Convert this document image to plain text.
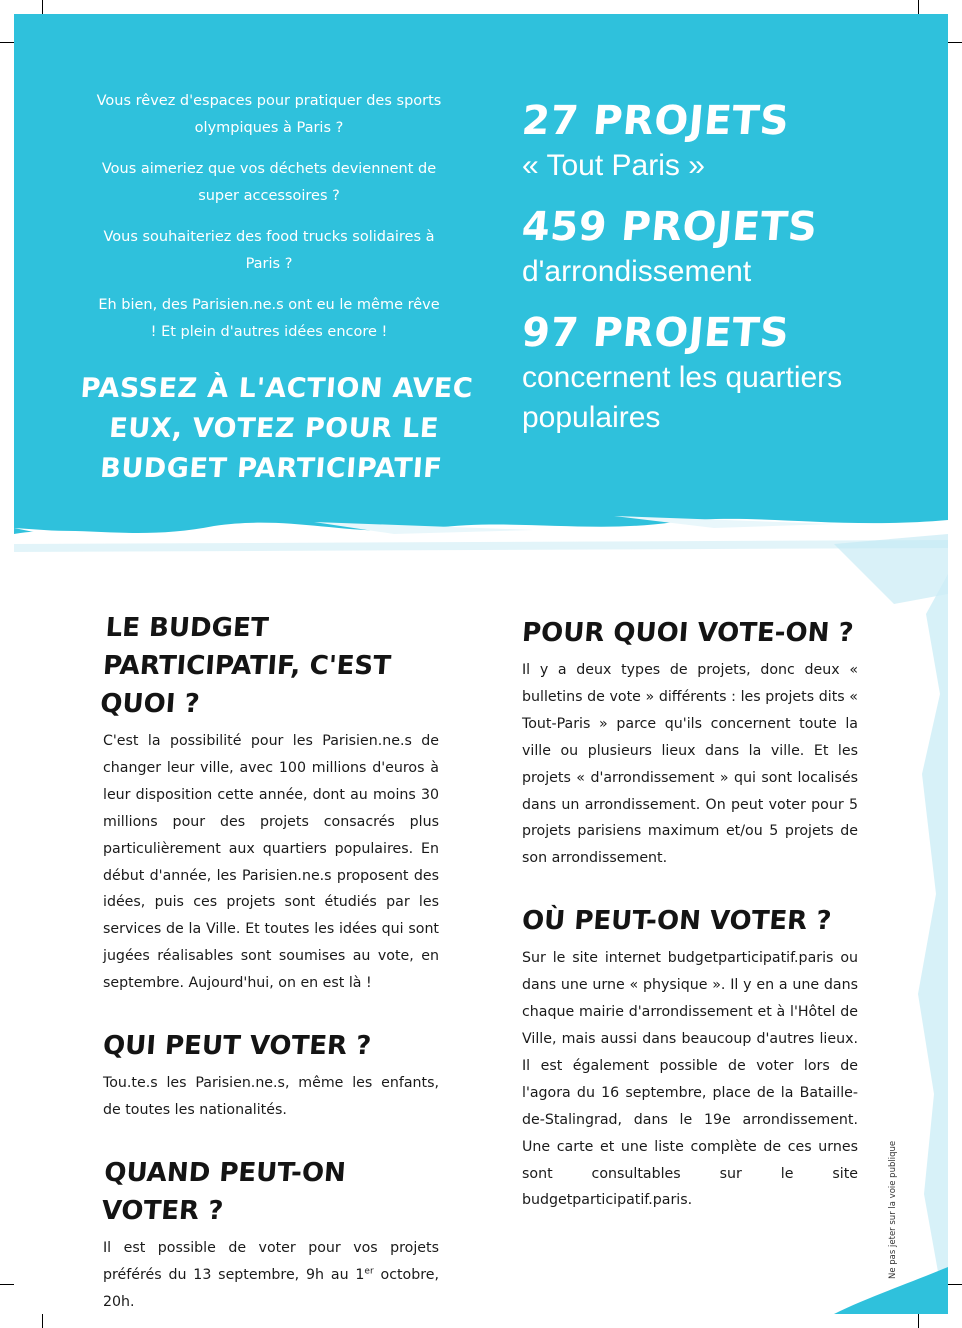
Vous rêvez d'espaces pour pratiquer des sports olympiques à Paris ?

Vous aimeriez que vos déchets deviennent de super accessoires ?

Vous souhaiteriez des food trucks solidaires à Paris ?

Eh bien, des Parisien.ne.s ont eu le même rêve ! Et plein d'autres idées encore !

PASSEZ À L'ACTION AVEC EUX, VOTEZ POUR LE BUDGET PARTICIPATIF
27 PROJETS
« Tout Paris »
459 PROJETS
d'arrondissement
97 PROJETS
concernent les quartiers populaires
LE BUDGET PARTICIPATIF, C'EST QUOI ?

C'est la possibilité pour les Parisien.ne.s de changer leur ville, avec 100 millions d'euros à leur disposition cette année, dont au moins 30 millions pour des projets consacrés plus particulièrement aux quartiers populaires. En début d'année, les Parisien.ne.s proposent des idées, puis ces projets sont étudiés par les services de la Ville. Et toutes les idées qui sont jugées réalisables sont soumises au vote, en septembre. Aujourd'hui, on en est là !

QUI PEUT VOTER ?

Tou.te.s les Parisien.ne.s, même les enfants, de toutes les nationalités.

QUAND PEUT-ON VOTER ?

Il est possible de voter pour vos projets préférés du 13 septembre, 9h au 1er octobre, 20h.

POUR QUOI VOTE-ON ?

Il y a deux types de projets, donc deux « bulletins de vote » différents : les projets dits « Tout-Paris » parce qu'ils concernent toute la ville ou plusieurs lieux dans la ville. Et les projets « d'arrondissement » qui sont localisés dans un arrondissement. On peut voter pour 5 projets parisiens maximum et/ou 5 projets de son arrondissement.

OÙ PEUT-ON VOTER ?

Sur le site internet budgetparticipatif.paris ou dans une urne « physique ». Il y en a une dans chaque mairie d'arrondissement et à l'Hôtel de Ville, mais aussi dans beaucoup d'autres lieux. Il est également possible de voter lors de l'agora du 16 septembre, place de la Bataille-de-Stalingrad, dans le 19e arrondissement. Une carte et une liste complète de ces urnes sont consultables sur le site budgetparticipatif.paris.	Ne pas jeter sur la voie publique
